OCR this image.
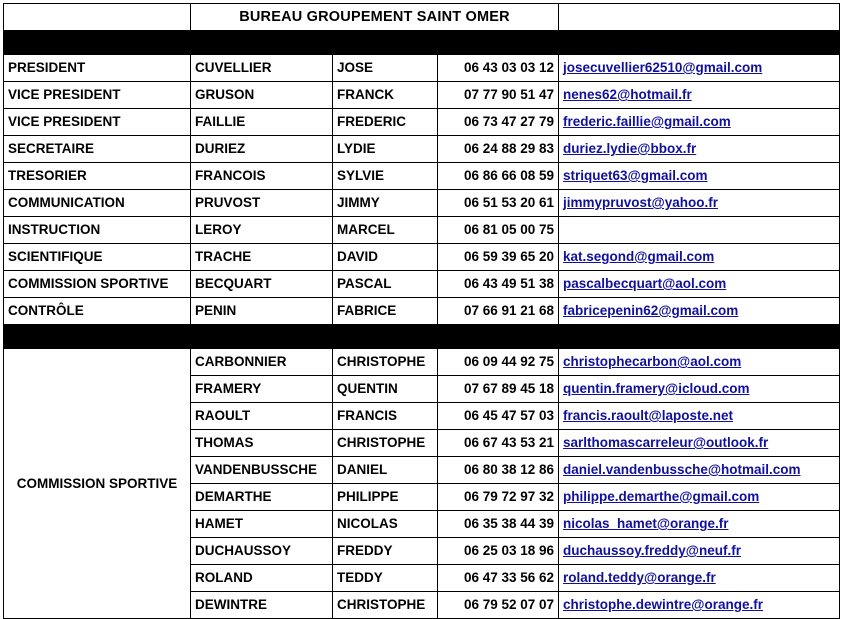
	BUREAU GROUPEMENT SAINT OMER			

PRESIDENT	CUVELLIER	JOSE	06 43 03 03 12	josecuvellier62510@gmail.com
VICE PRESIDENT	GRUSON	FRANCK	07 77 90 51 47	nenes62@hotmail.fr
VICE PRESIDENT	FAILLIE	FREDERIC	06 73 47 27 79	frederic.faillie@gmail.com
SECRETAIRE	DURIEZ	LYDIE	06 24 88 29 83	duriez.lydie@bbox.fr
TRESORIER	FRANCOIS	SYLVIE	06 86 66 08 59	striquet63@gmail.com
COMMUNICATION	PRUVOST	JIMMY	06 51 53 20 61	jimmypruvost@yahoo.fr
INSTRUCTION	LEROY	MARCEL	06 81 05 00 75	
SCIENTIFIQUE	TRACHE	DAVID	06 59 39 65 20	kat.segond@gmail.com
COMMISSION SPORTIVE	BECQUART	PASCAL	06 43 49 51 38	pascalbecquart@aol.com
CONTRÔLE	PENIN	FABRICE	07 66 91 21 68	fabricepenin62@gmail.com

COMMISSION SPORTIVE	CARBONNIER	CHRISTOPHE	06 09 44 92 75	christophecarbon@aol.com
	FRAMERY	QUENTIN	07 67 89 45 18	quentin.framery@icloud.com
	RAOULT	FRANCIS	06 45 47 57 03	francis.raoult@laposte.net
	THOMAS	CHRISTOPHE	06 67 43 53 21	sarlthomascarreleur@outlook.fr
	VANDENBUSSCHE	DANIEL	06 80 38 12 86	daniel.vandenbussche@hotmail.com
	DEMARTHE	PHILIPPE	06 79 72 97 32	philippe.demarthe@gmail.com
	HAMET	NICOLAS	06 35 38 44 39	nicolas_hamet@orange.fr
	DUCHAUSSOY	FREDDY	06 25 03 18 96	duchaussoy.freddy@neuf.fr
	ROLAND	TEDDY	06 47 33 56 62	roland.teddy@orange.fr
	DEWINTRE	CHRISTOPHE	06 79 52 07 07	christophe.dewintre@orange.fr
